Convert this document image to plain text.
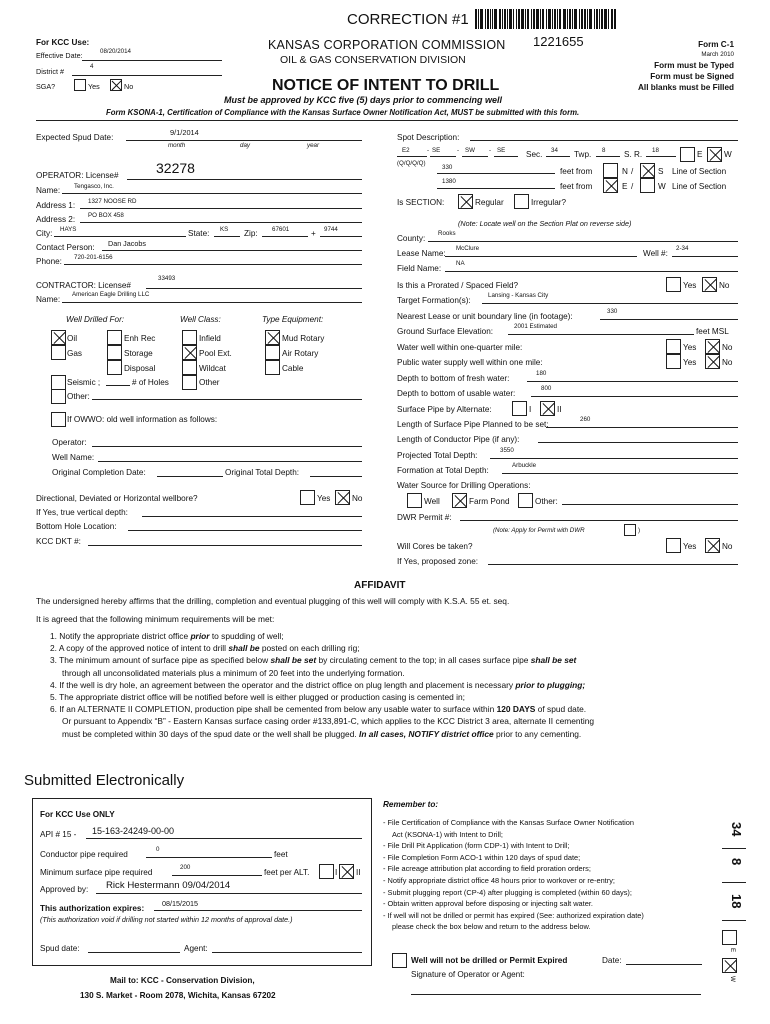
CORRECTION #1
For KCC Use:
Effective Date:	08/20/2014
District #
4
SGA?	Yes	No
KANSAS CORPORATION COMMISSION
OIL & GAS CONSERVATION DIVISION
1221655	Form C-1
March 2010
Form must be Typed
Form must be Signed
All blanks must be Filled
NOTICE OF INTENT TO DRILL
Must be approved by KCC five (5) days prior to commencing well
Form KSONA-1, Certification of Compliance with the Kansas Surface Owner Notification Act, MUST be submitted with this form.
Expected Spud Date:
9/1/2014
month	day	year
OPERATOR: License#	32278
Name: Tengasco, Inc.
Address 1: 1327 NOOSE RD
Address 2: PO BOX 458
City: HAYS	State: KS Zip: 67601	+ 9744
Contact Person: Dan Jacobs
Phone: 720-201-6156
CONTRACTOR: License#
33493
Name:
American Eagle Drilling LLC
Well Drilled For:	Well Class:	Type Equipment:
Oil	Enh Rec	Infield	Mud Rotary
Gas	Storage	Pool Ext.	Air Rotary
Disposal	Wildcat	Cable
Seismic ;	# of Holes	Other
Other:
If OWWO: old well information as follows:
Operator:
Well Name:
Original Completion Date:	Original Total Depth:
Directional, Deviated or Horizontal wellbore?	Yes	No
If Yes, true vertical depth:
Bottom Hole Location:
KCC DKT #:
Spot Description:
E2	- SE	- SW - SE	Sec. 34 Twp. 8 S. R. 18	E	W
(Q/Q/Q/Q)
330	feet from	N /	S Line of Section
1380
feet from	E /	W Line of Section
Is SECTION:	Regular	Irregular?
(Note: Locate well on the Section Plat on reverse side)
County:
Rooks
Lease Name:
McClure
Well #:
2-34
Field Name:
NA
Is this a Prorated / Spaced Field?	Yes	No
Target Formation(s):
Lansing - Kansas City
Nearest Lease or unit boundary line (in footage):
330
Ground Surface Elevation:
2001 Estimated
feet MSL
Water well within one-quarter mile:	Yes	No
Public water supply well within one mile:	Yes	No
Depth to bottom of fresh water:
180
Depth to bottom of usable water:
800
Surface Pipe by Alternate:	I	II
Length of Surface Pipe Planned to be set:
260
Length of Conductor Pipe (if any):
Projected Total Depth:
3550
Formation at Total Depth:
Arbuckle
Water Source for Drilling Operations:
Well	Farm Pond	Other:
DWR Permit #:
(Note: Apply for Permit with DWR	)
Will Cores be taken?	Yes	No
If Yes, proposed zone:
AFFIDAVIT
The undersigned hereby affirms that the drilling, completion and eventual plugging of this well will comply with K.S.A. 55 et. seq.
It is agreed that the following minimum requirements will be met:
1. Notify the appropriate district office prior to spudding of well;
2. A copy of the approved notice of intent to drill shall be posted on each drilling rig;
3. The minimum amount of surface pipe as specified below shall be set by circulating cement to the top; in all cases surface pipe shall be set
through all unconsolidated materials plus a minimum of 20 feet into the underlying formation.
4. If the well is dry hole, an agreement between the operator and the district office on plug length and placement is necessary prior to plugging;
5. The appropriate district office will be notified before well is either plugged or production casing is cemented in;
6. If an ALTERNATE II COMPLETION, production pipe shall be cemented from below any usable water to surface within 120 DAYS of spud date.
Or pursuant to Appendix “B” - Eastern Kansas surface casing order #133,891-C, which applies to the KCC District 3 area, alternate II cementing
must be completed within 30 days of the spud date or the well shall be plugged. In all cases, NOTIFY district office prior to any cementing.
Submitted Electronically
For KCC Use ONLY
API # 15 - 15-163-24249-00-00
Conductor pipe required
0
feet
Minimum surface pipe required
200
feet per ALT.	I II
Approved by: Rick Hestermann 09/04/2014
This authorization expires:
08/15/2015
(This authorization void if drilling not started within 12 months of approval date.)
Spud date:	Agent:
Mail to: KCC - Conservation Division,
130 S. Market - Room 2078, Wichita, Kansas 67202
Remember to:
- File Certification of Compliance with the Kansas Surface Owner Notification
Act (KSONA-1) with Intent to Drill;
- File Drill Pit Application (form CDP-1) with Intent to Drill;
- File Completion Form ACO-1 within 120 days of spud date;
- File acreage attribution plat according to field proration orders;
- Notify appropriate district office 48 hours prior to workover or re-entry;
- Submit plugging report (CP-4) after plugging is completed (within 60 days);
- Obtain written approval before disposing or injecting salt water.
- If well will not be drilled or permit has expired (See: authorized expiration date)
please check the box below and return to the address below.
Well will not be drilled or Permit Expired	Date:
Signature of Operator or Agent:
34
8
18
E
W
